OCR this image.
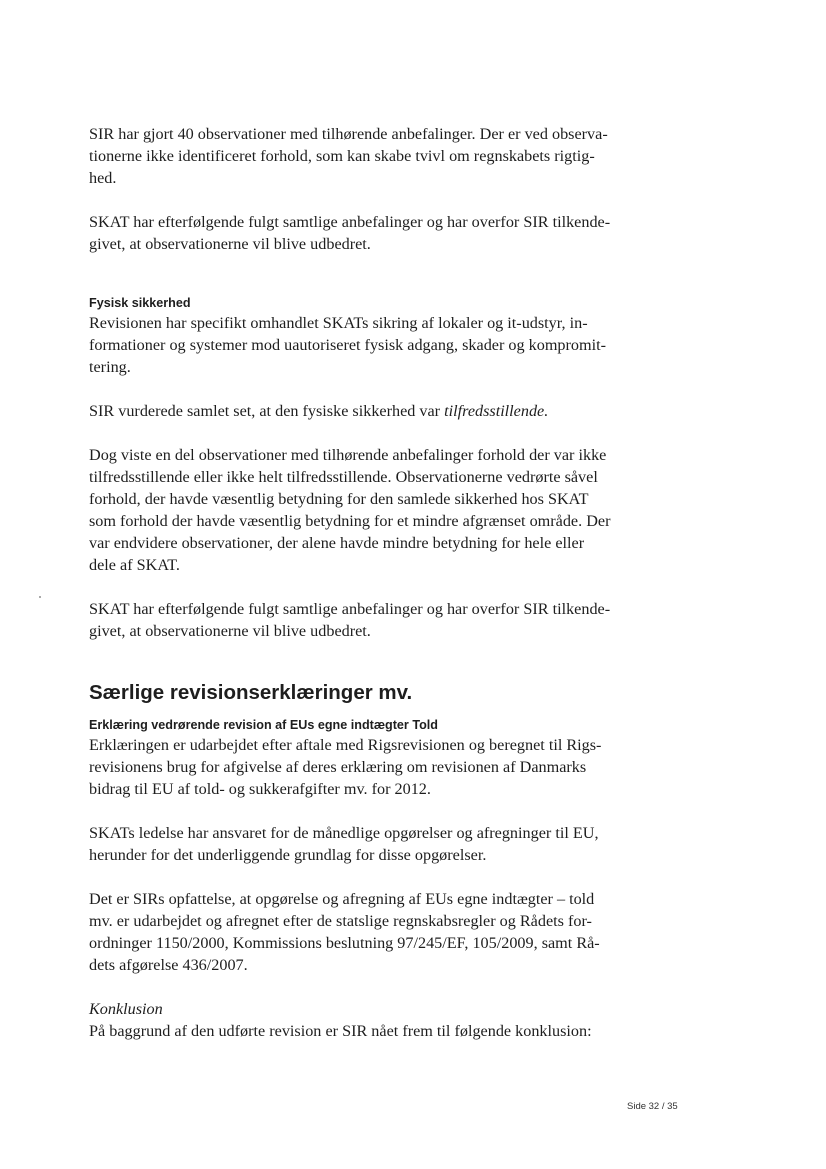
SIR har gjort 40 observationer med tilhørende anbefalinger. Der er ved observa-tionerne ikke identificeret forhold, som kan skabe tvivl om regnskabets rigtig-hed.

SKAT har efterfølgende fulgt samtlige anbefalinger og har overfor SIR tilkende-givet, at observationerne vil blive udbedret.

Fysisk sikkerhed

Revisionen har specifikt omhandlet SKATs sikring af lokaler og it-udstyr, in-formationer og systemer mod uautoriseret fysisk adgang, skader og kompromit-tering.

SIR vurderede samlet set, at den fysiske sikkerhed var tilfredsstillende.

Dog viste en del observationer med tilhørende anbefalinger forhold der var ikke tilfredsstillende eller ikke helt tilfredsstillende. Observationerne vedrørte såvel forhold, der havde væsentlig betydning for den samlede sikkerhed hos SKAT som forhold der havde væsentlig betydning for et mindre afgrænset område. Der var endvidere observationer, der alene havde mindre betydning for hele eller dele af SKAT.

SKAT har efterfølgende fulgt samtlige anbefalinger og har overfor SIR tilkende-givet, at observationerne vil blive udbedret.

Særlige revisionserklæringer mv.
Erklæring vedrørende revision af EUs egne indtægter Told

Erklæringen er udarbejdet efter aftale med Rigsrevisionen og beregnet til Rigs-revisionens brug for afgivelse af deres erklæring om revisionen af Danmarks bidrag til EU af told- og sukkerafgifter mv. for 2012.

SKATs ledelse har ansvaret for de månedlige opgørelser og afregninger til EU, herunder for det underliggende grundlag for disse opgørelser.

Det er SIRs opfattelse, at opgørelse og afregning af EUs egne indtægter – told mv. er udarbejdet og afregnet efter de statslige regnskabsregler og Rådets for-ordninger 1150/2000, Kommissions beslutning 97/245/EF, 105/2009, samt Rå-dets afgørelse 436/2007.

Konklusion

På baggrund af den udførte revision er SIR nået frem til følgende konklusion:

Side 32 / 35
